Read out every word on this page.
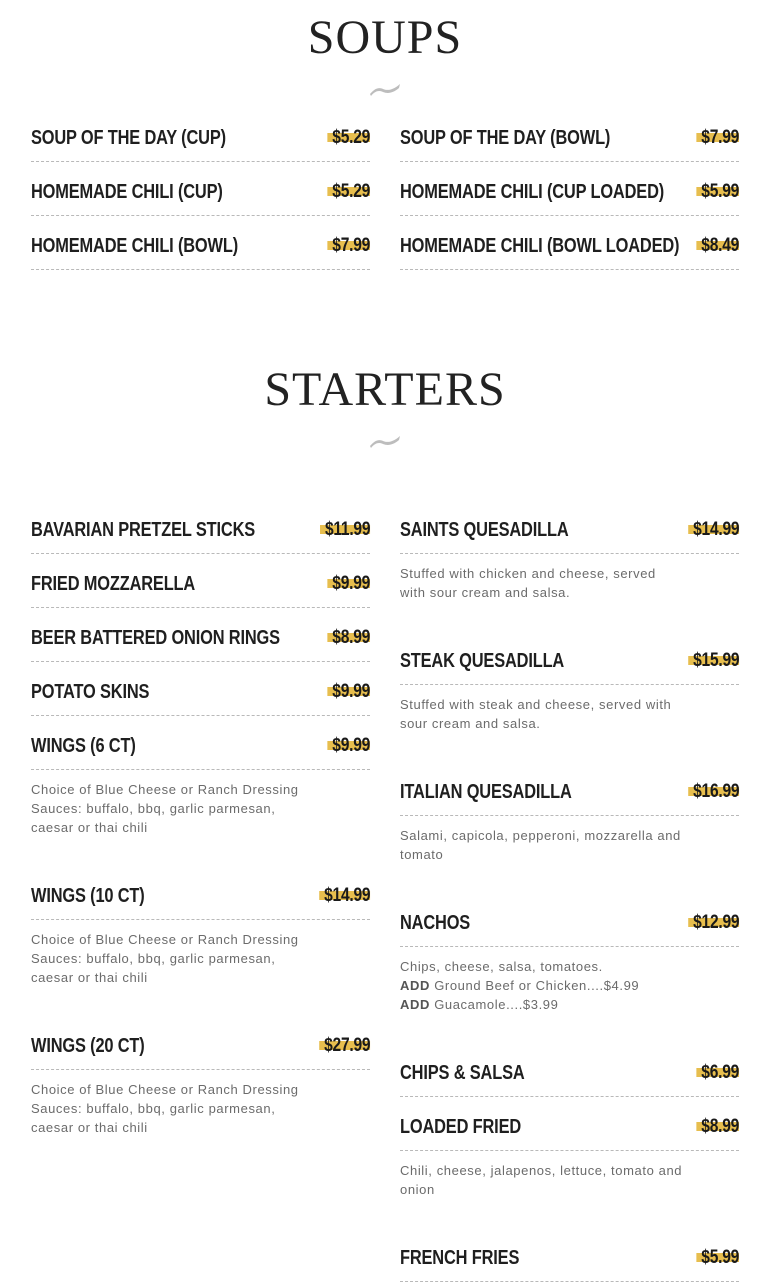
SOUPS
SOUP OF THE DAY (CUP)	$5.29
HOMEMADE CHILI (CUP)	$5.29
HOMEMADE CHILI (BOWL)	$7.99
SOUP OF THE DAY (BOWL)	$7.99
HOMEMADE CHILI (CUP LOADED) $5.99
HOMEMADE CHILI (BOWL LOADED) $8.49
STARTERS
BAVARIAN PRETZEL STICKS	$11.99
FRIED MOZZARELLA	$9.99
BEER BATTERED ONION RINGS	$8.99
POTATO SKINS	$9.99
WINGS (6 CT)	$9.99
Choice of Blue Cheese or Ranch Dressing
Sauces: buffalo, bbq, garlic parmesan,
caesar or thai chili
WINGS (10 CT)	$14.99
Choice of Blue Cheese or Ranch Dressing
Sauces: buffalo, bbq, garlic parmesan,
caesar or thai chili
WINGS (20 CT)	$27.99
Choice of Blue Cheese or Ranch Dressing
Sauces: buffalo, bbq, garlic parmesan,
caesar or thai chili
SAINTS QUESADILLA	$14.99
Stuffed with chicken and cheese, served
with sour cream and salsa.
STEAK QUESADILLA	$15.99
Stuffed with steak and cheese, served with
sour cream and salsa.
ITALIAN QUESADILLA	$16.99
Salami, capicola, pepperoni, mozzarella and
tomato
NACHOS	$12.99
Chips, cheese, salsa, tomatoes.
ADD Ground Beef or Chicken....$4.99
ADD Guacamole....$3.99
CHIPS & SALSA	$6.99
LOADED FRIED	$8.99
Chili, cheese, jalapenos, lettuce, tomato and
onion
FRENCH FRIES	$5.99
